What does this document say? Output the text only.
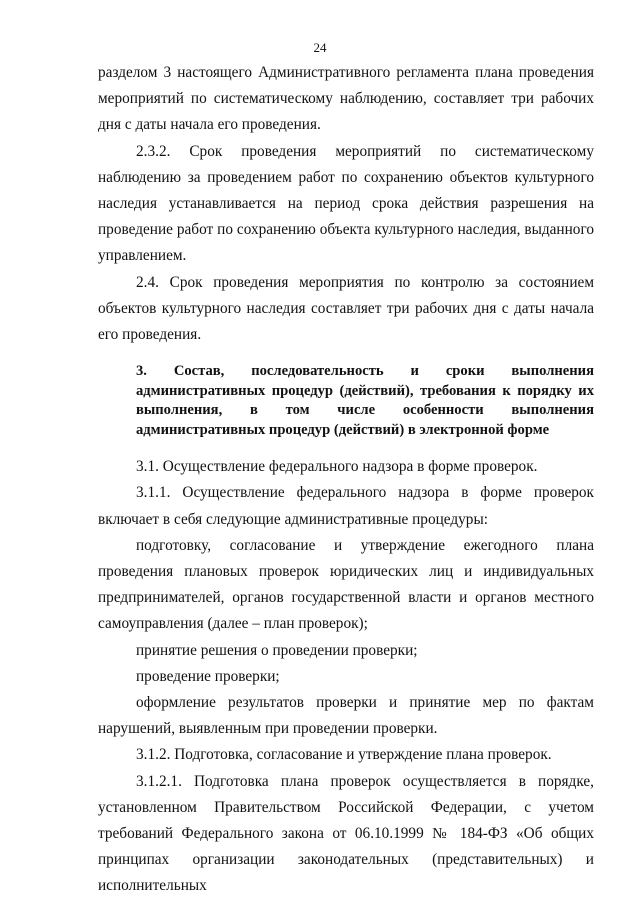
24

разделом 3 настоящего Административного регламента плана проведения мероприятий по систематическому наблюдению, составляет три рабочих дня с даты начала его проведения.

2.3.2. Срок проведения мероприятий по систематическому наблюдению за проведением работ по сохранению объектов культурного наследия устанавливается на период срока действия разрешения на проведение работ по сохранению объекта культурного наследия, выданного управлением.

2.4. Срок проведения мероприятия по контролю за состоянием объектов культурного наследия составляет три рабочих дня с даты начала его проведения.

3. Состав, последовательность и сроки выполнения административных процедур (действий), требования к порядку их выполнения, в том числе особенности выполнения административных процедур (действий) в электронной форме

3.1. Осуществление федерального надзора в форме проверок.

3.1.1. Осуществление федерального надзора в форме проверок включает в себя следующие административные процедуры:

подготовку, согласование и утверждение ежегодного плана проведения плановых проверок юридических лиц и индивидуальных предпринимателей, органов государственной власти и органов местного самоуправления (далее – план проверок);

принятие решения о проведении проверки;

проведение проверки;

оформление результатов проверки и принятие мер по фактам нарушений, выявленным при проведении проверки.

3.1.2. Подготовка, согласование и утверждение плана проверок.

3.1.2.1. Подготовка плана проверок осуществляется в порядке, установленном Правительством Российской Федерации, с учетом требований Федерального закона от 06.10.1999 № 184-ФЗ «Об общих принципах организации законодательных (представительных) и исполнительных
